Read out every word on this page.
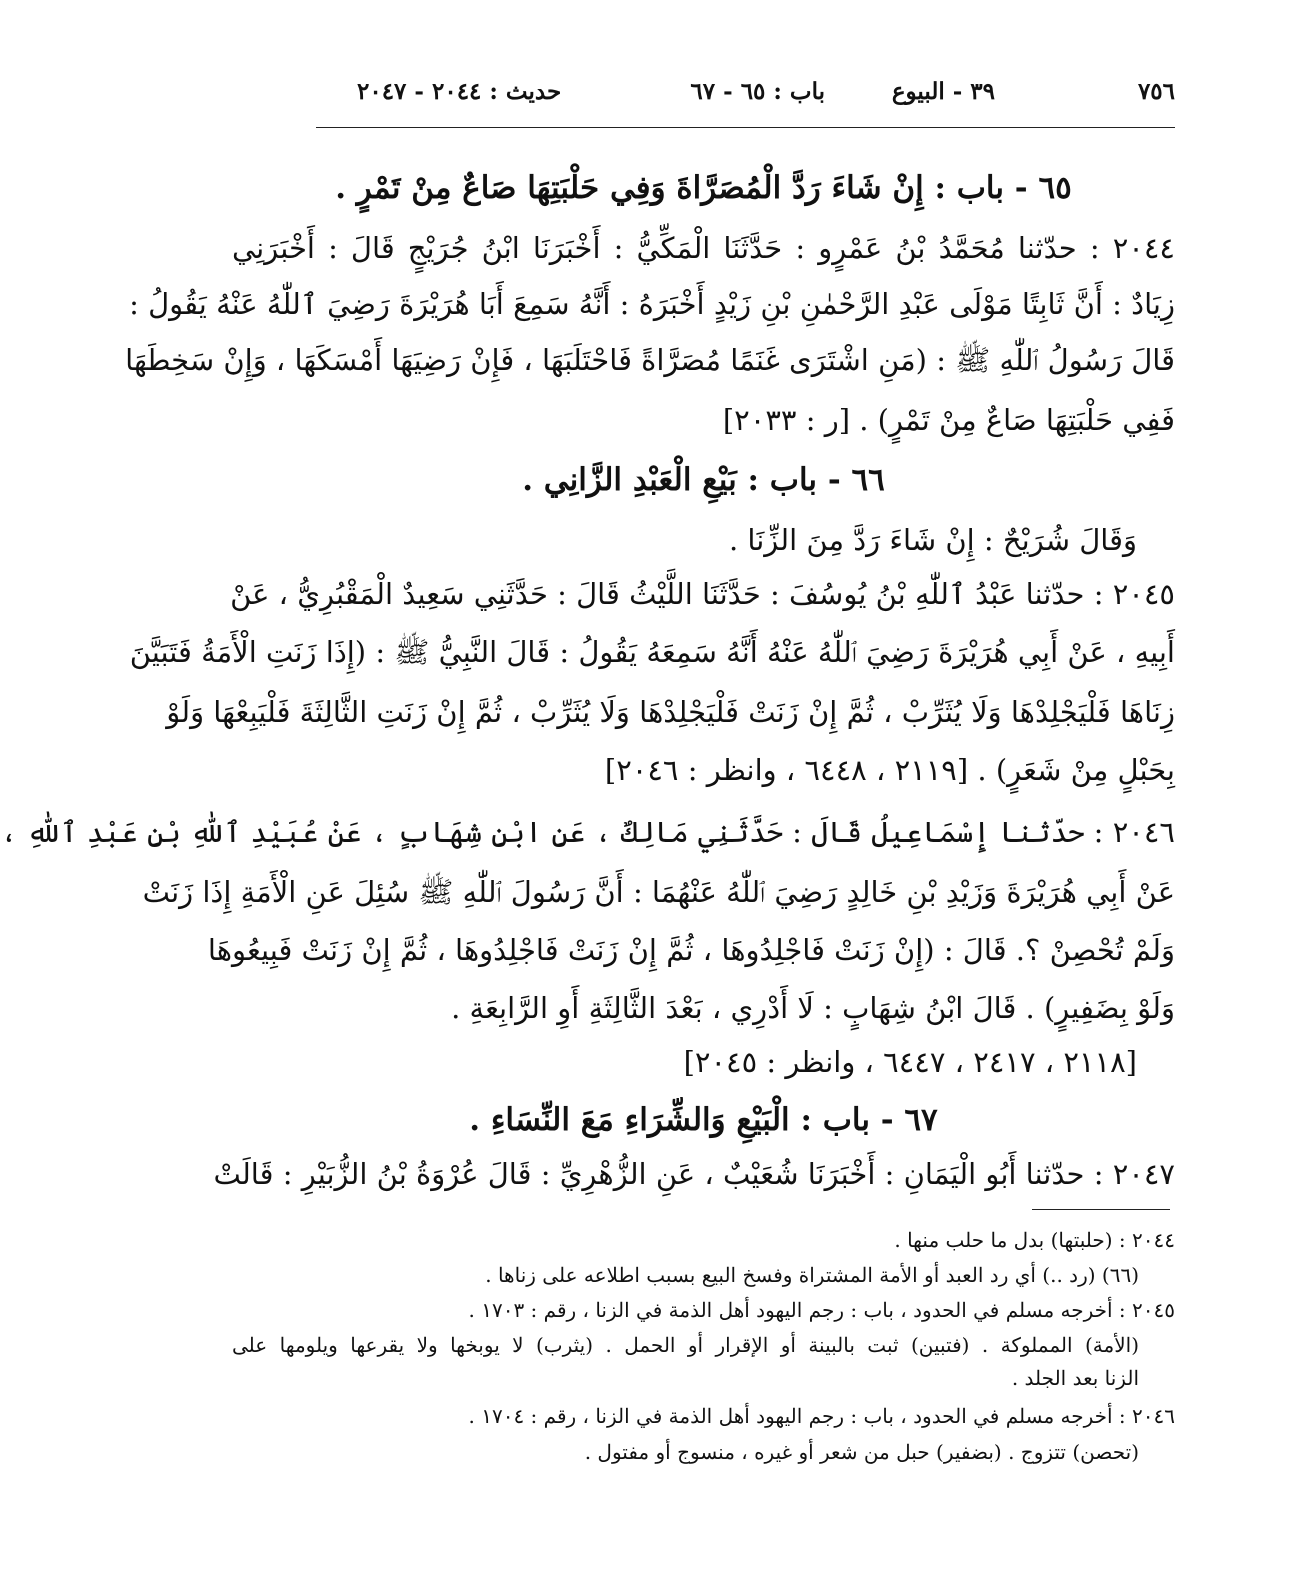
٧٥٦
٣٩ - البيوع
باب : ٦٥ - ٦٧
حديث : ٢٠٤٤ - ٢٠٤٧
٦٥ - باب : إِنْ شَاءَ رَدَّ الْمُصَرَّاةَ وَفِي حَلْبَتِهَا صَاعٌ مِنْ تَمْرٍ .
٢٠٤٤ : حدّثنا مُحَمَّدُ بْنُ عَمْرٍو : حَدَّثَنَا الْمَكِّيُّ : أَخْبَرَنَا ابْنُ جُرَيْجٍ قَالَ : أَخْبَرَنِي
زِيَادٌ : أَنَّ ثَابِتًا مَوْلَى عَبْدِ الرَّحْمٰنِ بْنِ زَيْدٍ أَخْبَرَهُ : أَنَّهُ سَمِعَ أَبَا هُرَيْرَةَ رَضِيَ ٱللّٰهُ عَنْهُ يَقُولُ :
قَالَ رَسُولُ ٱللّٰهِ ﷺ : (مَنِ اشْتَرَى غَنَمًا مُصَرَّاةً فَاحْتَلَبَهَا ، فَإِنْ رَضِيَهَا أَمْسَكَهَا ، وَإِنْ سَخِطَهَا
فَفِي حَلْبَتِهَا صَاعٌ مِنْ تَمْرٍ) . [ر : ٢٠٣٣]
٦٦ - باب : بَيْعِ الْعَبْدِ الزَّانِي .
وَقَالَ شُرَيْحٌ : إِنْ شَاءَ رَدَّ مِنَ الزِّنَا .
٢٠٤٥ : حدّثنا عَبْدُ ٱللّٰهِ بْنُ يُوسُفَ : حَدَّثَنَا اللَّيْثُ قَالَ : حَدَّثَنِي سَعِيدٌ الْمَقْبُرِيُّ ، عَنْ
أَبِيهِ ، عَنْ أَبِي هُرَيْرَةَ رَضِيَ ٱللّٰهُ عَنْهُ أَنَّهُ سَمِعَهُ يَقُولُ : قَالَ النَّبِيُّ ﷺ : (إِذَا زَنَتِ الْأَمَةُ فَتَبَيَّنَ
زِنَاهَا فَلْيَجْلِدْهَا وَلَا يُثَرِّبْ ، ثُمَّ إِنْ زَنَتْ فَلْيَجْلِدْهَا وَلَا يُثَرِّبْ ، ثُمَّ إِنْ زَنَتِ الثَّالِثَةَ فَلْيَبِعْهَا وَلَوْ
بِحَبْلٍ مِنْ شَعَرٍ) . [٢١١٩ ، ٦٤٤٨ ، وانظر : ٢٠٤٦]
٢٠٤٦ : حدّثنا إِسْمَاعِيلُ قَالَ : حَدَّثَنِي مَالِكٌ ، عَنِ ابْنِ شِهَابٍ ، عَنْ عُبَيْدِ ٱللّٰهِ بْنِ عَبْدِ ٱللّٰهِ ،
عَنْ أَبِي هُرَيْرَةَ وَزَيْدِ بْنِ خَالِدٍ رَضِيَ ٱللّٰهُ عَنْهُمَا : أَنَّ رَسُولَ ٱللّٰهِ ﷺ سُئِلَ عَنِ الْأَمَةِ إِذَا زَنَتْ
وَلَمْ تُحْصِنْ ؟. قَالَ : (إِنْ زَنَتْ فَاجْلِدُوهَا ، ثُمَّ إِنْ زَنَتْ فَاجْلِدُوهَا ، ثُمَّ إِنْ زَنَتْ فَبِيعُوهَا
وَلَوْ بِضَفِيرٍ) . قَالَ ابْنُ شِهَابٍ : لَا أَدْرِي ، بَعْدَ الثَّالِثَةِ أَوِ الرَّابِعَةِ .
[٢١١٨ ، ٢٤١٧ ، ٦٤٤٧ ، وانظر : ٢٠٤٥]
٦٧ - باب : الْبَيْعِ وَالشِّرَاءِ مَعَ النِّسَاءِ .
٢٠٤٧ : حدّثنا أَبُو الْيَمَانِ : أَخْبَرَنَا شُعَيْبٌ ، عَنِ الزُّهْرِيِّ : قَالَ عُرْوَةُ بْنُ الزُّبَيْرِ : قَالَتْ
٢٠٤٤ : (حلبتها) بدل ما حلب منها .
(٦٦) (رد ..) أي رد العبد أو الأمة المشتراة وفسخ البيع بسبب اطلاعه على زناها .
٢٠٤٥ : أخرجه مسلم في الحدود ، باب : رجم اليهود أهل الذمة في الزنا ، رقم : ١٧٠٣ .
(الأمة) المملوكة . (فتبين) ثبت بالبينة أو الإقرار أو الحمل . (يثرب) لا يوبخها ولا يقرعها ويلومها على
الزنا بعد الجلد .
٢٠٤٦ : أخرجه مسلم في الحدود ، باب : رجم اليهود أهل الذمة في الزنا ، رقم : ١٧٠٤ .
(تحصن) تتزوج . (بضفير) حبل من شعر أو غيره ، منسوج أو مفتول .
